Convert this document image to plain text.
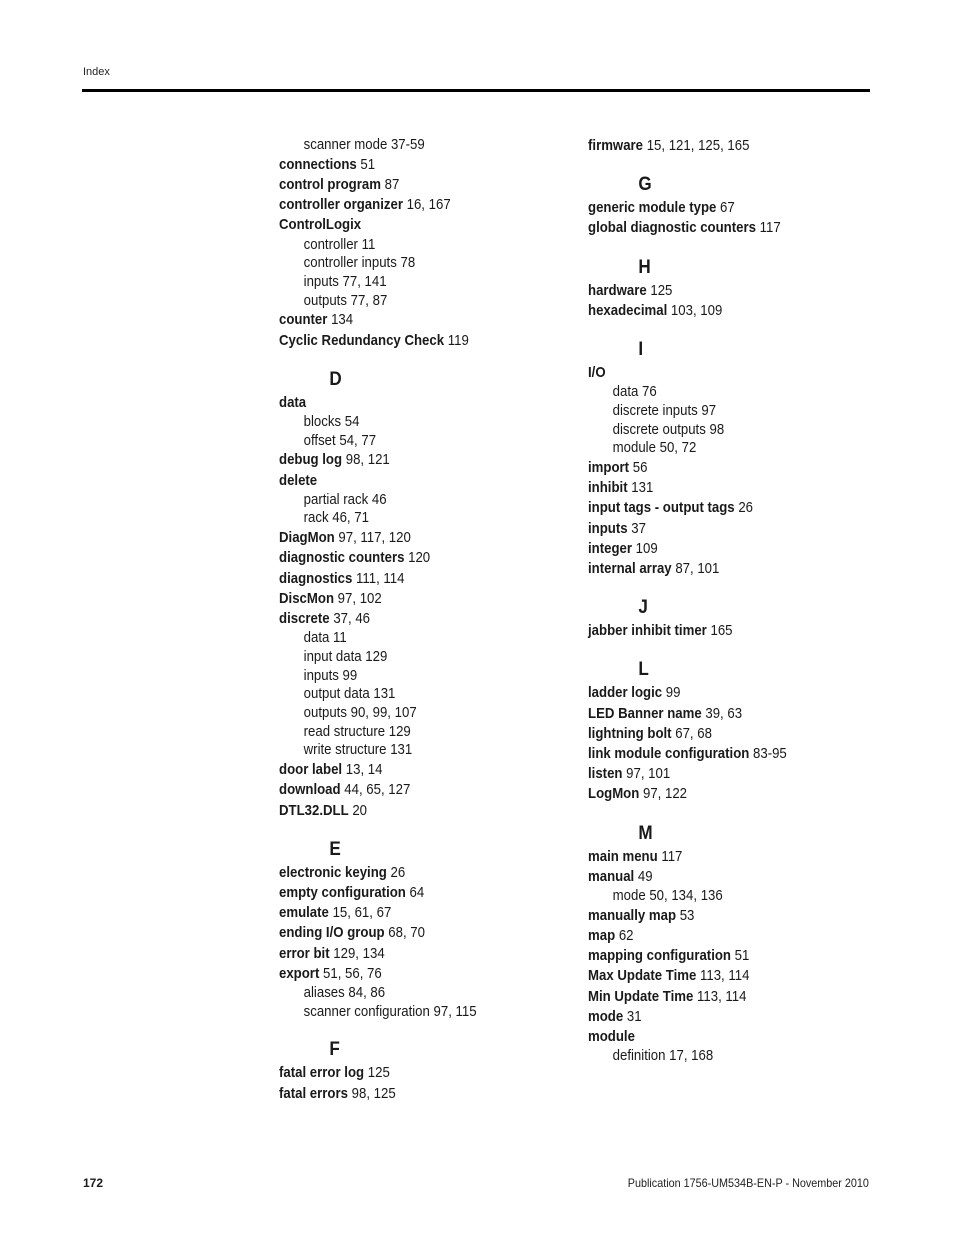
Index
scanner mode 37-59
connections 51
control program 87
controller organizer 16, 167
ControlLogix
controller 11
controller inputs 78
inputs 77, 141
outputs 77, 87
counter 134
Cyclic Redundancy Check 119
D
data
blocks 54
offset 54, 77
debug log 98, 121
delete
partial rack 46
rack 46, 71
DiagMon 97, 117, 120
diagnostic counters 120
diagnostics 111, 114
DiscMon 97, 102
discrete 37, 46
data 11
input data 129
inputs 99
output data 131
outputs 90, 99, 107
read structure 129
write structure 131
door label 13, 14
download 44, 65, 127
DTL32.DLL 20
E
electronic keying 26
empty configuration 64
emulate 15, 61, 67
ending I/O group 68, 70
error bit 129, 134
export 51, 56, 76
aliases 84, 86
scanner configuration 97, 115
F
fatal error log 125
fatal errors 98, 125
firmware 15, 121, 125, 165
G
generic module type 67
global diagnostic counters 117
H
hardware 125
hexadecimal 103, 109
I
I/O
data 76
discrete inputs 97
discrete outputs 98
module 50, 72
import 56
inhibit 131
input tags - output tags 26
inputs 37
integer 109
internal array 87, 101
J
jabber inhibit timer 165
L
ladder logic 99
LED Banner name 39, 63
lightning bolt 67, 68
link module configuration 83-95
listen 97, 101
LogMon 97, 122
M
main menu 117
manual 49
mode 50, 134, 136
manually map 53
map 62
mapping configuration 51
Max Update Time 113, 114
Min Update Time 113, 114
mode 31
module
definition 17, 168
172	Publication 1756-UM534B-EN-P - November 2010
